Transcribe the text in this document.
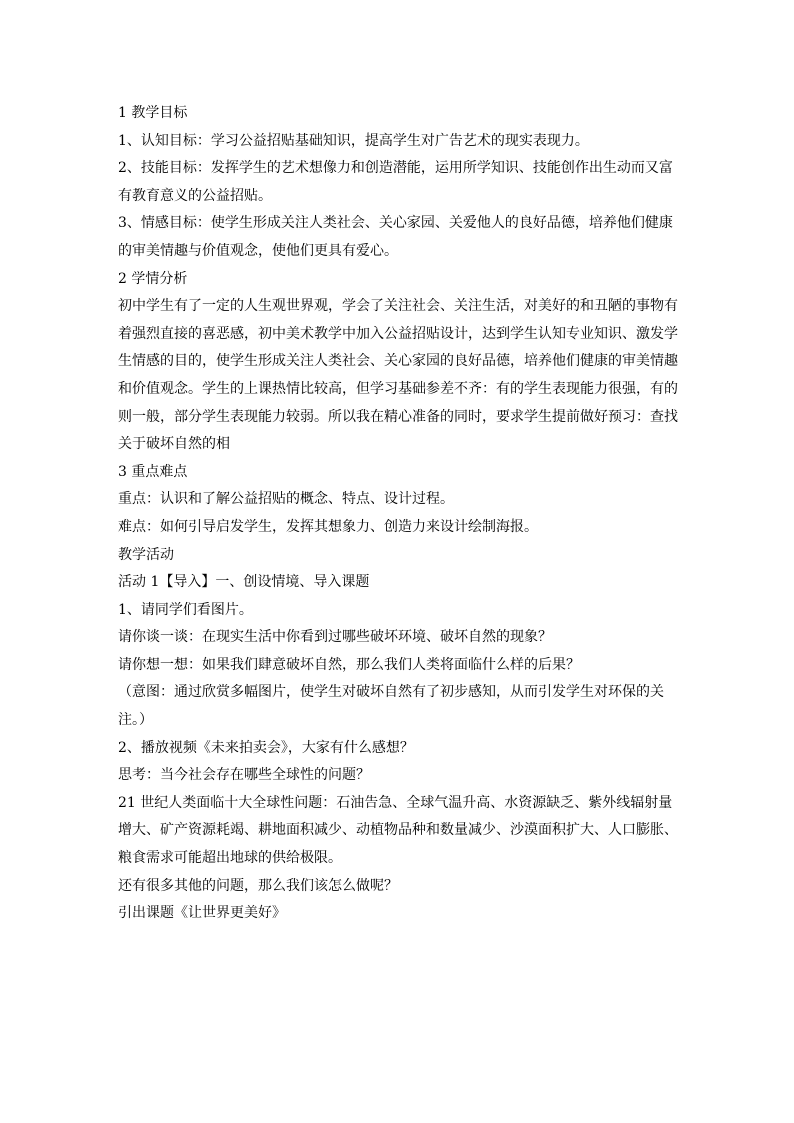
1 教学目标

1、认知目标：学习公益招贴基础知识，提高学生对广告艺术的现实表现力。

2、技能目标：发挥学生的艺术想像力和创造潜能，运用所学知识、技能创作出生动而又富

有教育意义的公益招贴。

3、情感目标：使学生形成关注人类社会、关心家园、关爱他人的良好品德，培养他们健康

的审美情趣与价值观念，使他们更具有爱心。

2 学情分析

初中学生有了一定的人生观世界观，学会了关注社会、关注生活，对美好的和丑陋的事物有

着强烈直接的喜恶感，初中美术教学中加入公益招贴设计，达到学生认知专业知识、激发学

生情感的目的，使学生形成关注人类社会、关心家园的良好品德，培养他们健康的审美情趣

和价值观念。学生的上课热情比较高，但学习基础参差不齐：有的学生表现能力很强，有的

则一般，部分学生表现能力较弱。所以我在精心准备的同时，要求学生提前做好预习：查找

关于破坏自然的相

3 重点难点

重点：认识和了解公益招贴的概念、特点、设计过程。

难点：如何引导启发学生，发挥其想象力、创造力来设计绘制海报。

教学活动

活动 1【导入】一、创设情境、导入课题

1、请同学们看图片。

请你谈一谈：在现实生活中你看到过哪些破坏环境、破坏自然的现象？

请你想一想：如果我们肆意破坏自然，那么我们人类将面临什么样的后果？

（意图：通过欣赏多幅图片，使学生对破坏自然有了初步感知，从而引发学生对环保的关

注。）

2、播放视频《未来拍卖会》，大家有什么感想？

思考：当今社会存在哪些全球性的问题？

21 世纪人类面临十大全球性问题：石油告急、全球气温升高、水资源缺乏、紫外线辐射量

增大、矿产资源耗竭、耕地面积减少、动植物品种和数量减少、沙漠面积扩大、人口膨胀、

粮食需求可能超出地球的供给极限。

还有很多其他的问题，那么我们该怎么做呢？

引出课题《让世界更美好》
